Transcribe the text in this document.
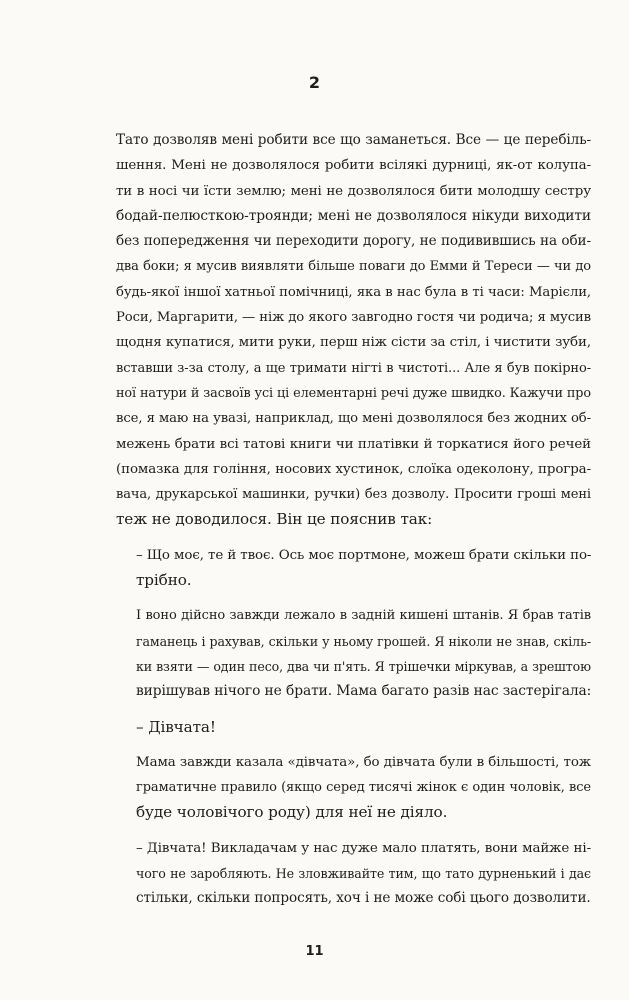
2
Тато дозволяв мені робити все що заманеться. Все — це перебіль-
шення. Мені не дозволялося робити всілякі дурниці, як-от колупа-
ти в носі чи їсти землю; мені не дозволялося бити молодшу сестру
бодай-пелюсткою-троянди; мені не дозволялося нікуди виходити
без попередження чи переходити дорогу, не подивившись на оби-
два боки; я мусив виявляти більше поваги до Емми й Тереси — чи до
будь-якої іншої хатньої помічниці, яка в нас була в ті часи: Марієли,
Роси, Маргарити, — ніж до якого завгодно гостя чи родича; я мусив
щодня купатися, мити руки, перш ніж сісти за стіл, і чистити зуби,
вставши з-за столу, а ще тримати нігті в чистоті... Але я був покірно-
ної натури й засвоїв усі ці елементарні речі дуже швидко. Кажучи про
все, я маю на увазі, наприклад, що мені дозволялося без жодних об-
межень брати всі татові книги чи платівки й торкатися його речей
(помазка для гоління, носових хустинок, слоїка одеколону, програ-
вача, друкарської машинки, ручки) без дозволу. Просити гроші мені
теж не доводилося. Він це пояснив так:
– Що моє, те й твоє. Ось моє портмоне, можеш брати скільки по-
трібно.
І воно дійсно завжди лежало в задній кишені штанів. Я брав татів
гаманець і рахував, скільки у ньому грошей. Я ніколи не знав, скіль-
ки взяти — один песо, два чи п'ять. Я трішечки міркував, а зрештою
вирішував нічого не брати. Мама багато разів нас застерігала:
– Дівчата!
Мама завжди казала «дівчата», бо дівчата були в більшості, тож
граматичне правило (якщо серед тисячі жінок є один чоловік, все
буде чоловічого роду) для неї не діяло.
– Дівчата! Викладачам у нас дуже мало платять, вони майже ні-
чого не заробляють. Не зловживайте тим, що тато дурненький і дає
стільки, скільки попросять, хоч і не може собі цього дозволити.
11
